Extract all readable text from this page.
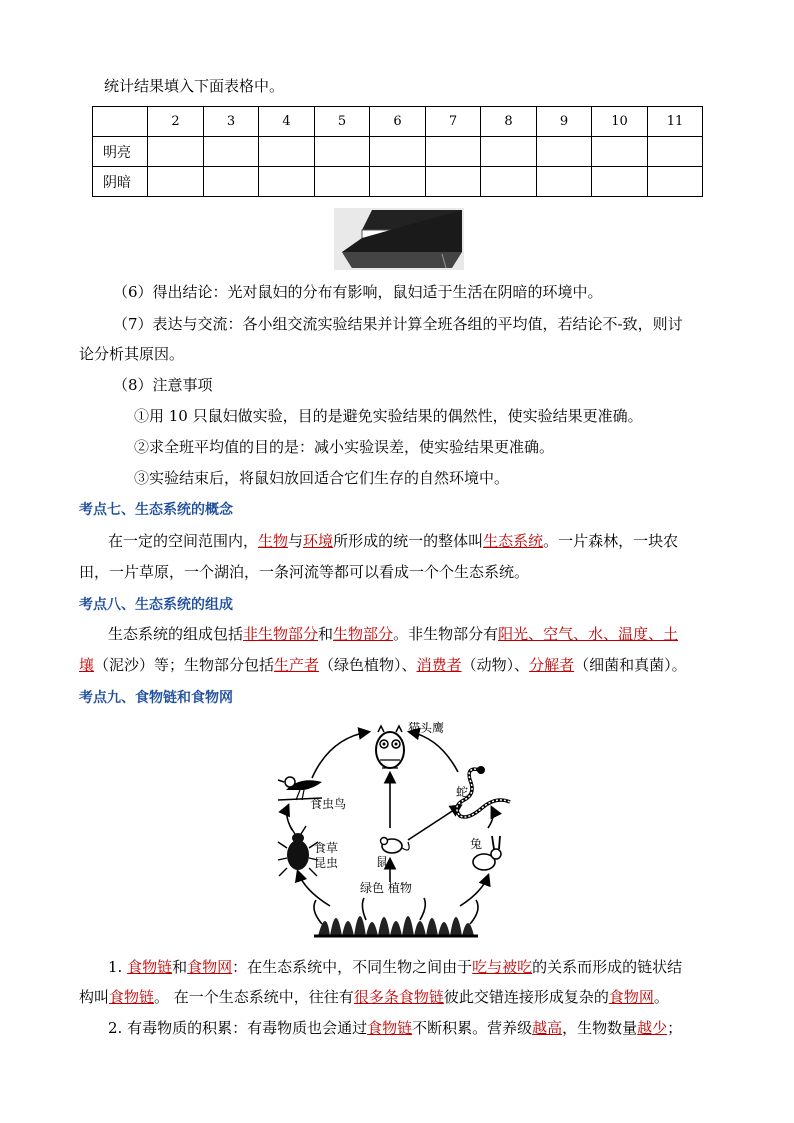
统计结果填入下面表格中。
	2	3	4	5	6	7	8	9	10	11
明亮										
阴暗										
（6）得出结论：光对鼠妇的分布有影响，鼠妇适于生活在阴暗的环境中。
（7）表达与交流：各小组交流实验结果并计算全班各组的平均值，若结论不-致，则讨
论分析其原因。
（8）注意事项
①用 10 只鼠妇做实验，目的是避免实验结果的偶然性，使实验结果更准确。
②求全班平均值的目的是：减小实验误差，使实验结果更准确。
③实验结束后，将鼠妇放回适合它们生存的自然环境中。
考点七、生态系统的概念
在一定的空间范围内，生物与环境所形成的统一的整体叫生态系统。一片森林，一块农
田，一片草原，一个湖泊，一条河流等都可以看成一个个生态系统。
考点八、生态系统的组成
生态系统的组成包括非生物部分和生物部分。非生物部分有阳光、空气、水、温度、土
壤（泥沙）等；生物部分包括生产者（绿色植物）、消费者（动物）、分解者（细菌和真菌）。
考点九、食物链和食物网
猫头鹰
食虫鸟
蛇
食草
昆虫	鼠
兔
绿色 植物
1. 食物链和食物网：在生态系统中，不同生物之间由于吃与被吃的关系而形成的链状结
构叫食物链。 在一个生态系统中，往往有很多条食物链彼此交错连接形成复杂的食物网。
2. 有毒物质的积累：有毒物质也会通过食物链不断积累。营养级越高，生物数量越少；
